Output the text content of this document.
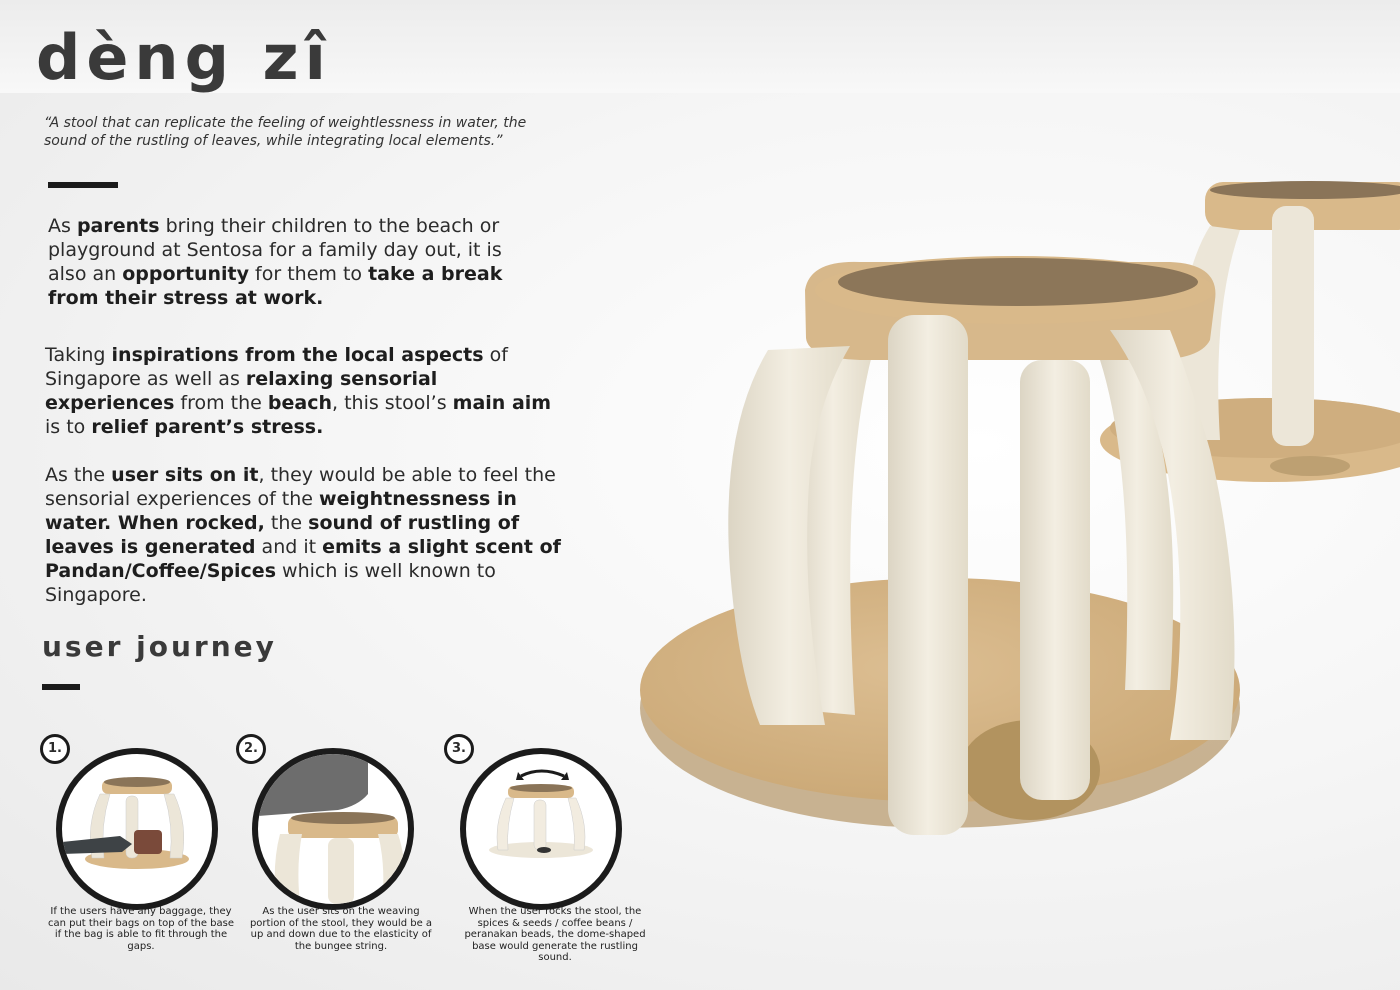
dèng zî
“A stool that can replicate the feeling of weightlessness in water, the sound of the rustling of leaves, while integrating local elements.”
As parents bring their children to the beach or playground at Sentosa for a family day out, it is also an opportunity for them to take a break from their stress at work.
Taking inspirations from the local aspects of Singapore as well as relaxing sensorial experiences from the beach, this stool’s main aim is to relief parent’s stress.
As the user sits on it, they would be able to feel the sensorial experiences of the weightnessness in water. When rocked, the sound of rustling of leaves is generated and it emits a slight scent of Pandan/Coffee/Spices which is well known to Singapore.
user journey
1.
If the users have any baggage, they can put their bags on top of the base if the bag is able to fit through the gaps.
2.
As the user sits on the weaving portion of the stool, they would be a up and down due to the elasticity of the bungee string.
3.
When the user rocks the stool, the spices & seeds / coffee beans / peranakan beads, the dome-shaped base would generate the rustling sound.
